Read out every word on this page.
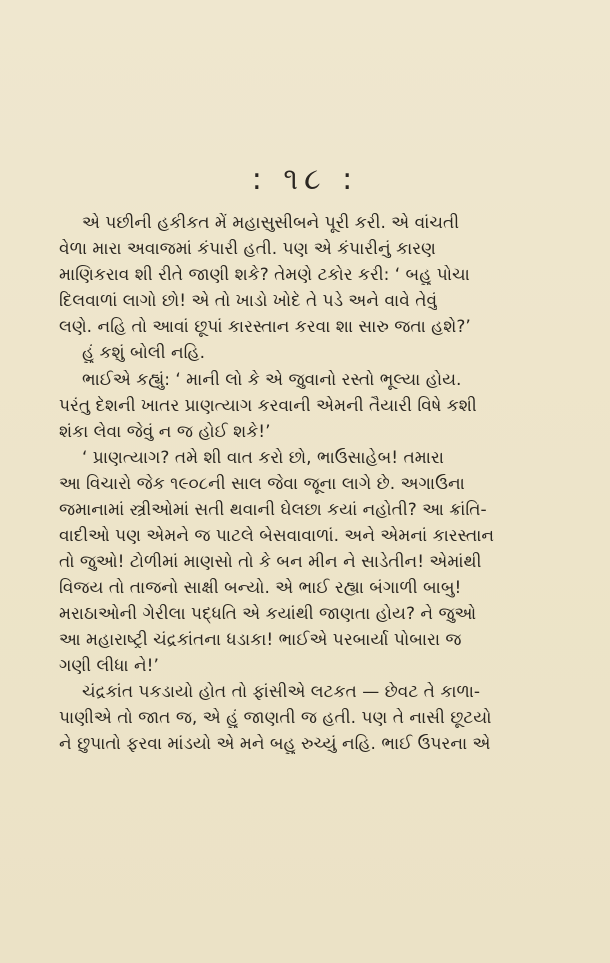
: ૧૮ :
એ પછીની હકીકત મેં મહાસુસીબને પૂરી કરી. એ વાંચતી
વેળા મારા અવાજમાં કંપારી હતી. પણ એ કંપારીનું કારણ
માણિકરાવ શી રીતે જાણી શકે? તેમણે ટકોર કરી: ‘ બહુ પોચા
દિલવાળાં લાગો છો! એ તો ખાડો ખોદે તે પડે અને વાવે તેવું
લણે. નહિ તો આવાં છૂપાં કારસ્તાન કરવા શા સારુ જતા હશે?’
હું કશું બોલી નહિ.
ભાઈએ કહ્યું: ‘ માની લો કે એ જુવાનો રસ્તો ભૂલ્યા હોય.
પરંતુ દેશની ખાતર પ્રાણત્યાગ કરવાની એમની તૈયારી વિષે કશી
શંકા લેવા જેવું ન જ હોઈ શકે!’
‘ પ્રાણત્યાગ? તમે શી વાત કરો છો, ભાઉસાહેબ! તમારા
આ વિચારો જેક ૧૯૦૮ની સાલ જેવા જૂના લાગે છે. અગાઉના
જમાનામાં સ્ત્રીઓમાં સતી થવાની ઘેલછા કયાં નહોતી? આ ક્રાંતિ-
વાદીઓ પણ એમને જ પાટલે બેસવાવાળાં. અને એમનાં કારસ્તાન
તો જુઓ! ટોળીમાં માણસો તો કે બન મીન ને સાડેતીન! એમાંથી
વિજય તો તાજનો સાક્ષી બન્યો. એ ભાઈ રહ્યા બંગાળી બાબુ!
મરાઠાઓની ગેરીલા પદ્ધતિ એ કયાંથી જાણતા હોય? ને જુઓ
આ મહારાષ્ટ્રી ચંદ્રકાંતના ધડાકા! ભાઈએ પરબાર્યા પોબારા જ
ગણી લીધા ને!’
ચંદ્રકાંત પકડાયો હોત તો ફાંસીએ લટકત — છેવટ તે કાળા-
પાણીએ તો જાત જ, એ હું જાણતી જ હતી. પણ તે નાસી છૂટયો
ને છુપાતો ફરવા માંડયો એ મને બહુ રુચ્યું નહિ. ભાઈ ઉપરના એ
